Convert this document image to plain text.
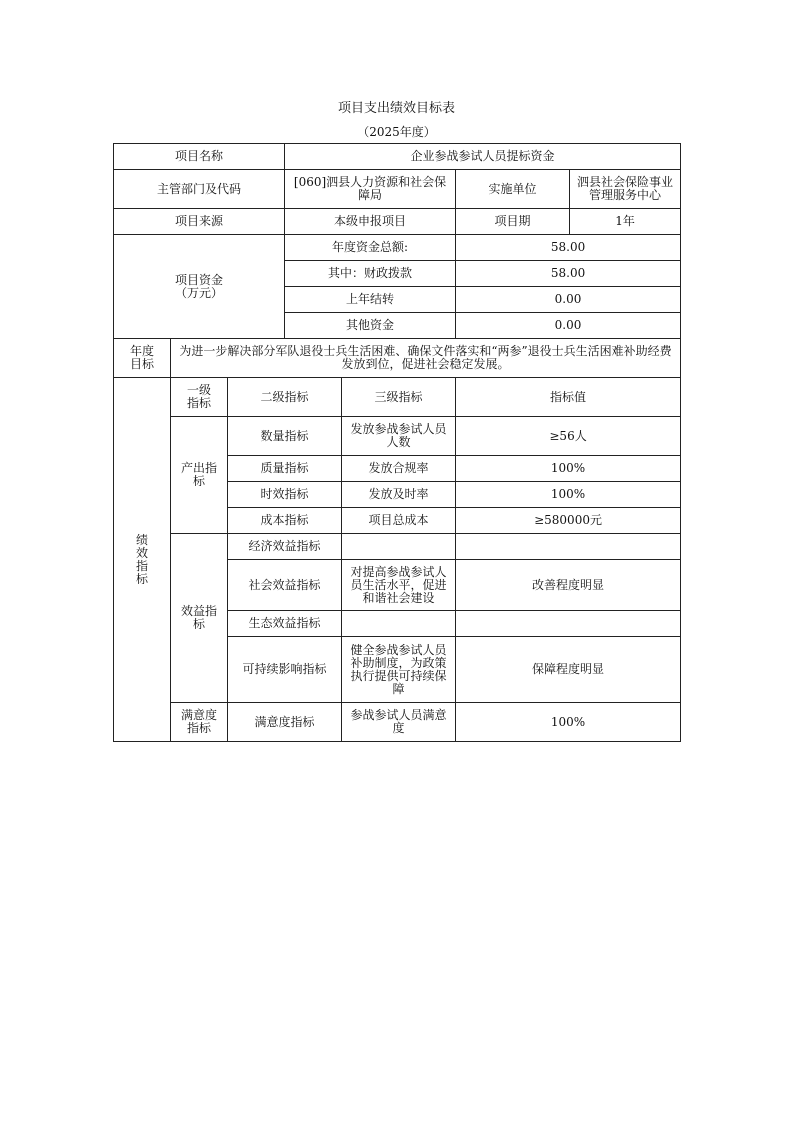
项目支出绩效目标表
（2025年度）
项目名称			企业参战参试人员提标资金			
主管部门及代码			[060]泗县人力资源和社会保障局		实施单位	泗县社会保险事业管理服务中心
项目来源			本级申报项目		项目期	1年
项目资金（万元）			年度资金总额:		58.00	
			其中：财政拨款		58.00	
			上年结转		0.00	
			其他资金		0.00	
年度目标	为进一步解决部分军队退役士兵生活困难、确保文件落实和“两参”退役士兵生活困难补助经费发放到位，促进社会稳定发展。					
绩效指标	一级指标	二级指标		三级指标	指标值	
	产出指标	数量指标		发放参战参试人员人数	≥56人	
		质量指标		发放合规率	100%	
		时效指标		发放及时率	100%	
		成本指标		项目总成本	≥580000元	
	效益指标	经济效益指标				
		社会效益指标		对提高参战参试人员生活水平，促进和谐社会建设	改善程度明显	
		生态效益指标				
		可持续影响指标		健全参战参试人员补助制度，为政策执行提供可持续保障	保障程度明显	
	满意度指标	满意度指标		参战参试人员满意度	100%	
